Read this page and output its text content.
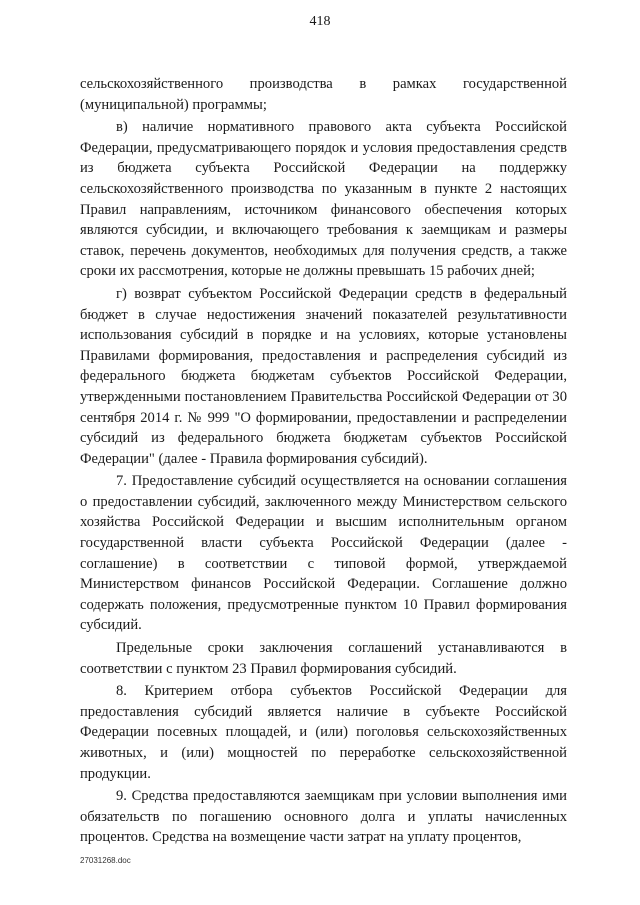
418

сельскохозяйственного производства в рамках государственной (муниципальной) программы;

в) наличие нормативного правового акта субъекта Российской Федерации, предусматривающего порядок и условия предоставления средств из бюджета субъекта Российской Федерации на поддержку сельскохозяйственного производства по указанным в пункте 2 настоящих Правил направлениям, источником финансового обеспечения которых являются субсидии, и включающего требования к заемщикам и размеры ставок, перечень документов, необходимых для получения средств, а также сроки их рассмотрения, которые не должны превышать 15 рабочих дней;

г) возврат субъектом Российской Федерации средств в федеральный бюджет в случае недостижения значений показателей результативности использования субсидий в порядке и на условиях, которые установлены Правилами формирования, предоставления и распределения субсидий из федерального бюджета бюджетам субъектов Российской Федерации, утвержденными постановлением Правительства Российской Федерации от 30 сентября 2014 г. № 999 "О формировании, предоставлении и распределении субсидий из федерального бюджета бюджетам субъектов Российской Федерации" (далее - Правила формирования субсидий).

7. Предоставление субсидий осуществляется на основании соглашения о предоставлении субсидий, заключенного между Министерством сельского хозяйства Российской Федерации и высшим исполнительным органом государственной власти субъекта Российской Федерации (далее - соглашение) в соответствии с типовой формой, утверждаемой Министерством финансов Российской Федерации. Соглашение должно содержать положения, предусмотренные пунктом 10 Правил формирования субсидий.

Предельные сроки заключения соглашений устанавливаются в соответствии с пунктом 23 Правил формирования субсидий.

8. Критерием отбора субъектов Российской Федерации для предоставления субсидий является наличие в субъекте Российской Федерации посевных площадей, и (или) поголовья сельскохозяйственных животных, и (или) мощностей по переработке сельскохозяйственной продукции.

9. Средства предоставляются заемщикам при условии выполнения ими обязательств по погашению основного долга и уплаты начисленных процентов. Средства на возмещение части затрат на уплату процентов,

27031268.doc
